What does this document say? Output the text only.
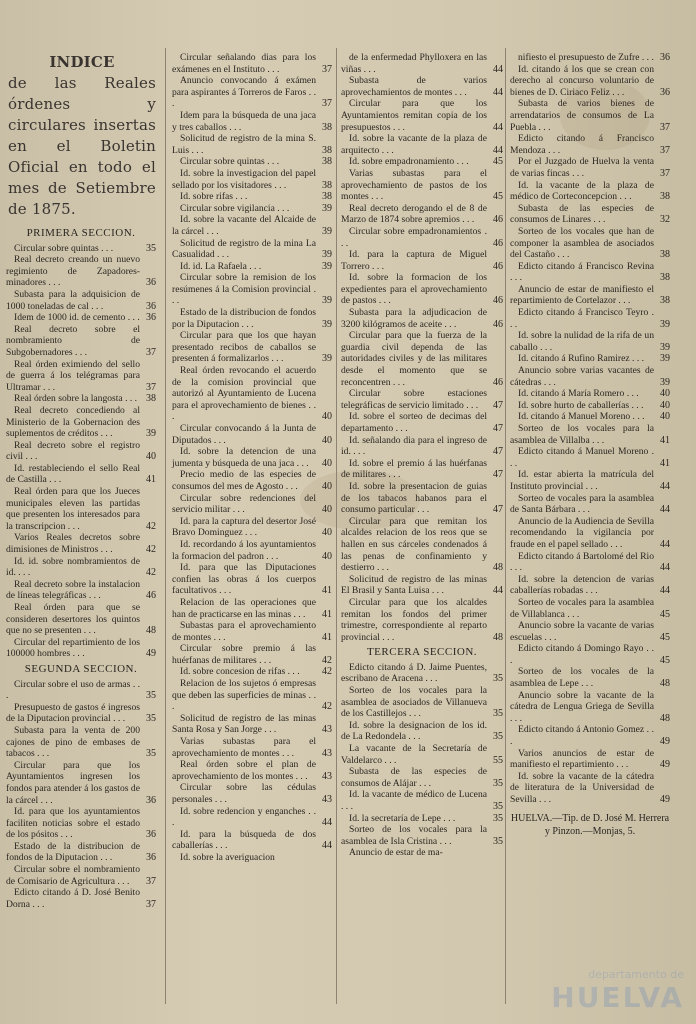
INDICE
de las Reales órdenes y circulares insertas en el Boletin Oficial en todo el mes de Setiembre de 1875.
PRIMERA SECCION.
Circular sobre quintas . . .	35
Real decreto creando un nuevo regimiento de Zapadores-minadores . . .	36
Subasta para la adquisicion de 1000 toneladas de cal . . .	36
Idem de 1000 id. de cemento . . . 36
Real decreto sobre el nombramiento de Subgobernadores . . .	37
Real órden eximiendo del sello de guerra á los telégramas para Ultramar . . .	37
Real órden sobre la langosta . . . 38
Real decreto concediendo al Ministerio de la Gobernacion des suplementos de créditos . . .	39
Real decreto sobre el registro civil . . .	40
Id. restableciendo el sello Real de Castilla . . .	41
Real órden para que los Jueces municipales eleven las partidas que presenten los interesados para la transcripcion . . .	42
Varios Reales decretos sobre dimisiones de Ministros . . .	42
Id. id. sobre nombramientos de id. . . .	42
Real decreto sobre la instalacion de líneas telegráficas . . .	46
Real órden para que se consideren desertores los quintos que no se presenten . . .	48
Circular del repartimiento de los 100000 hombres . . .	49
SEGUNDA SECCION.
Circular sobre el uso de armas . . .	35
Presupuesto de gastos é ingresos de la Diputacion provincial . . . 35
Subasta para la venta de 200 cajones de pino de embases de tabacos . . .	35
Circular para que los Ayuntamientos ingresen los fondos para atender á los gastos de la cárcel . . .	36
Id. para que los ayuntamientos faciliten noticias sobre el estado de los pósitos . . .	36
Estado de la distribucion de fondos de la Diputacion . . .	36
Circular sobre el nombramiento de Comisario de Agricultura . . . 37
Edicto citando á D. José Benito Dorna . . .	37
Circular señalando dias para los exámenes en el Instituto . . .	37
Anuncio convocando á exámen para aspirantes á Torreros de Faros . . .	37
Idem para la búsqueda de una jaca y tres caballos . . .	38
Solicitud de registro de la mina S. Luis . . .	38
Circular sobre quintas . . .	38
Id. sobre la investigacion del papel sellado por los visitadores . . .	38
Id. sobre rifas . . .	38
Circular sobre vigilancia . . .	39
Id. sobre la vacante del Alcaide de la cárcel . . .	39
Solicitud de registro de la mina La Casualidad . . .	39
Id. id. La Rafaela . . .	39
Circular sobre la remision de los resúmenes á la Comision provincial . . .	39
Estado de la distribucion de fondos por la Diputacion . . .	39
Circular para que los que hayan presentado recibos de caballos se presenten á formalizarlos . . .	39
Real órden revocando el acuerdo de la comision provincial que autorizó al Ayuntamiento de Lucena para el aprovechamiento de bienes . . .	40
Circular convocando á la Junta de Diputados . . .	40
Id. sobre la detencion de una jumenta y búsqueda de una jaca . . . 40
Precio medio de las especies de consumos del mes de Agosto . . . 40
Circular sobre redenciones del servicio militar . . .	40
Id. para la captura del desertor José Bravo Dominguez . . .	40
Id. recordando á los ayuntamientos la formacion del padron . . .	40
Id. para que las Diputaciones confien las obras á los cuerpos facultativos . . .	41
Relacion de las operaciones que han de practicarse en las minas . . . 41
Subastas para el aprovechamiento de montes . . .	41
Circular sobre premio á las huérfanas de militares . . .	42
Id. sobre concesion de rifas . . . 42
Relacion de los sujetos ó empresas que deben las superficies de minas . . .	42
Solicitud de registro de las minas Santa Rosa y San Jorge . . .	43
Varias subastas para el aprovechamiento de montes . . .	43
Real órden sobre el plan de aprovechamiento de los montes . . . 43
Circular sobre las cédulas personales . . .	43
Id. sobre redencion y enganches . . .	44
Id. para la búsqueda de dos caballerías . . .	44
Id. sobre la averiguacion
de la enfermedad Phylloxera en las viñas . . .	44
Subasta de varios aprovechamientos de montes . . .	44
Circular para que los Ayuntamientos remitan copia de los presupuestos . . .	44
Id. sobre la vacante de la plaza de arquitecto . . .	44
Id. sobre empadronamiento . . . 45
Varias subastas para el aprovechamiento de pastos de los montes . . .	45
Real decreto derogando el de 8 de Marzo de 1874 sobre apremios . . . 46
Circular sobre empadronamientos . . .	46
Id. para la captura de Miguel Torrero . . .	46
Id. sobre la formacion de los expedientes para el aprovechamiento de pastos . . .	46
Subasta para la adjudicacion de 3200 kilógramos de aceite . . .	46
Circular para que la fuerza de la guardia civil dependa de las autoridades civiles y de las militares desde el momento que se reconcentren . . .	46
Circular sobre estaciones telegráficas de servicio limitado . . . 47
Id. sobre el sorteo de decimas del departamento . . .	47
Id. señalando dia para el ingreso de id. . . .	47
Id. sobre el premio á las huérfanas de militares . . .	47
Id. sobre la presentacion de guias de los tabacos habanos para el consumo particular . . .	47
Circular para que remitan los alcaldes relacion de los reos que se hallen en sus cárceles condenados á las penas de confinamiento y destierro . . .	48
Solicitud de registro de las minas El Brasil y Santa Luisa . . .	44
Circular para que los alcaldes remitan los fondos del primer trimestre, correspondiente al reparto provincial . . .	48
TERCERA SECCION.
Edicto citando á D. Jaime Puentes, escribano de Aracena . . .	35
Sorteo de los vocales para la asamblea de asociados de Villanueva de los Castillejos . . .	35
Id. sobre la designacion de los id. de La Redondela . . .	35
La vacante de la Secretaría de Valdelarco . . .	55
Subasta de las especies de consumos de Alájar . . .	35
Id. la vacante de médico de Lucena . . .	35
Id. la secretaría de Lepe . . .	35
Sorteo de los vocales para la asamblea de Isla Cristina . . .	35
Anuncio de estar de ma-
nifiesto el presupuesto de Zufre . . . 36
Id. citando á los que se crean con derecho al concurso voluntario de bienes de D. Ciriaco Feliz . . .	36
Subasta de varios bienes de arrendatarios de consumos de La Puebla . . .	37
Edicto citando á Francisco Mendoza . . .	37
Por el Juzgado de Huelva la venta de varias fincas . . .	37
Id. la vacante de la plaza de médico de Corteconcepcion . . .	38
Subasta de las especies de consumos de Linares . . .	32
Sorteo de los vocales que han de componer la asamblea de asociados del Castaño . . .	38
Edicto citando á Francisco Revina . . .	38
Anuncio de estar de manifiesto el repartimiento de Cortelazor . . .	38
Edicto citando á Francisco Teyro . . .	39
Id. sobre la nulidad de la rifa de un caballo . . .	39
Id. citando á Rufino Ramirez . . . 39
Anuncio sobre varias vacantes de cátedras . . .	39
Id. citando á María Romero . . . 40
Id. sobre hurto de caballerías . . . 40
Id. citando á Manuel Moreno . . . 40
Sorteo de los vocales para la asamblea de Villalba . . .	41
Edicto citando á Manuel Moreno . . .	41
Id. estar abierta la matrícula del Instituto provincial . . .	44
Sorteo de vocales para la asamblea de Santa Bárbara . . .	44
Anuncio de la Audiencia de Sevilla recomendando la vigilancia por fraude en el papel sellado . . .	44
Edicto citando á Bartolomé del Rio . . .	44
Id. sobre la detencion de varias caballerías robadas . . .	44
Sorteo de vocales para la asamblea de Villablanca . . .	45
Anuncio sobre la vacante de varias escuelas . . .	45
Edicto citando á Domingo Rayo . . .	45
Sorteo de los vocales de la asamblea de Lepe . . .	48
Anuncio sobre la vacante de la cátedra de Lengua Griega de Sevilla . . .	48
Edicto citando á Antonio Gomez . . .	49
Varios anuncios de estar de manifiesto el repartimiento . . .	49
Id. sobre la vacante de la cátedra de literatura de la Universidad de Sevilla . . .	49
HUELVA.—Tip. de D. José M. Herrera y Pinzon.—Monjas, 5.
departamento de
HUELVA
